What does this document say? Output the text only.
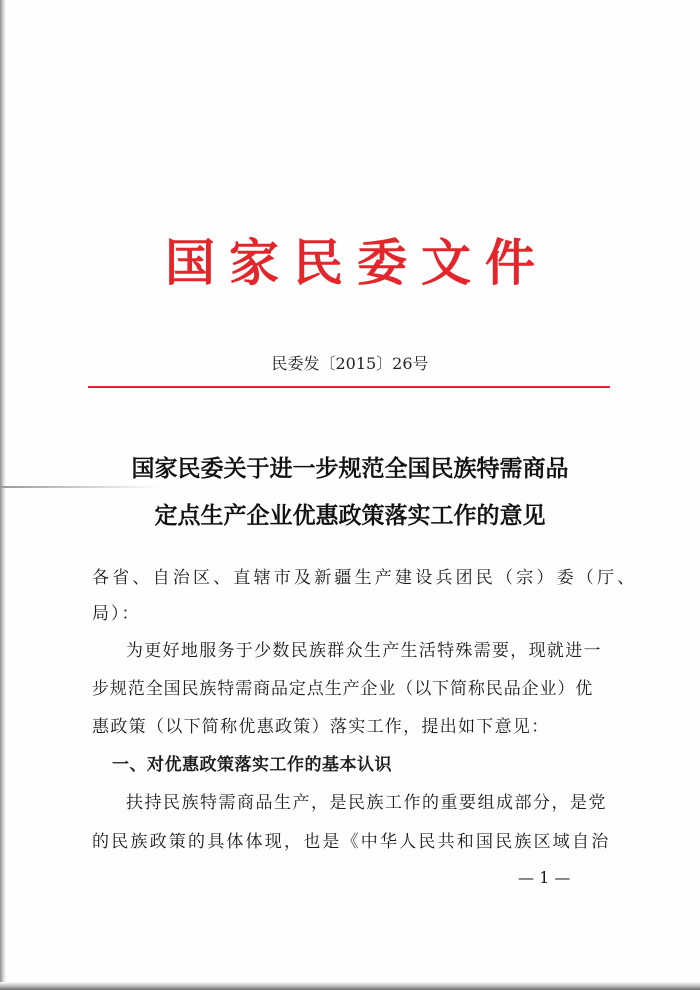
国家民委文件
民委发〔2015〕26号
国家民委关于进一步规范全国民族特需商品
定点生产企业优惠政策落实工作的意见
各省、自治区、直辖市及新疆生产建设兵团民（宗）委（厅、
局）：
为更好地服务于少数民族群众生产生活特殊需要，现就进一
步规范全国民族特需商品定点生产企业（以下简称民品企业）优
惠政策（以下简称优惠政策）落实工作，提出如下意见：
一、对优惠政策落实工作的基本认识
扶持民族特需商品生产，是民族工作的重要组成部分，是党
的民族政策的具体体现，也是《中华人民共和国民族区域自治
— 1 —
